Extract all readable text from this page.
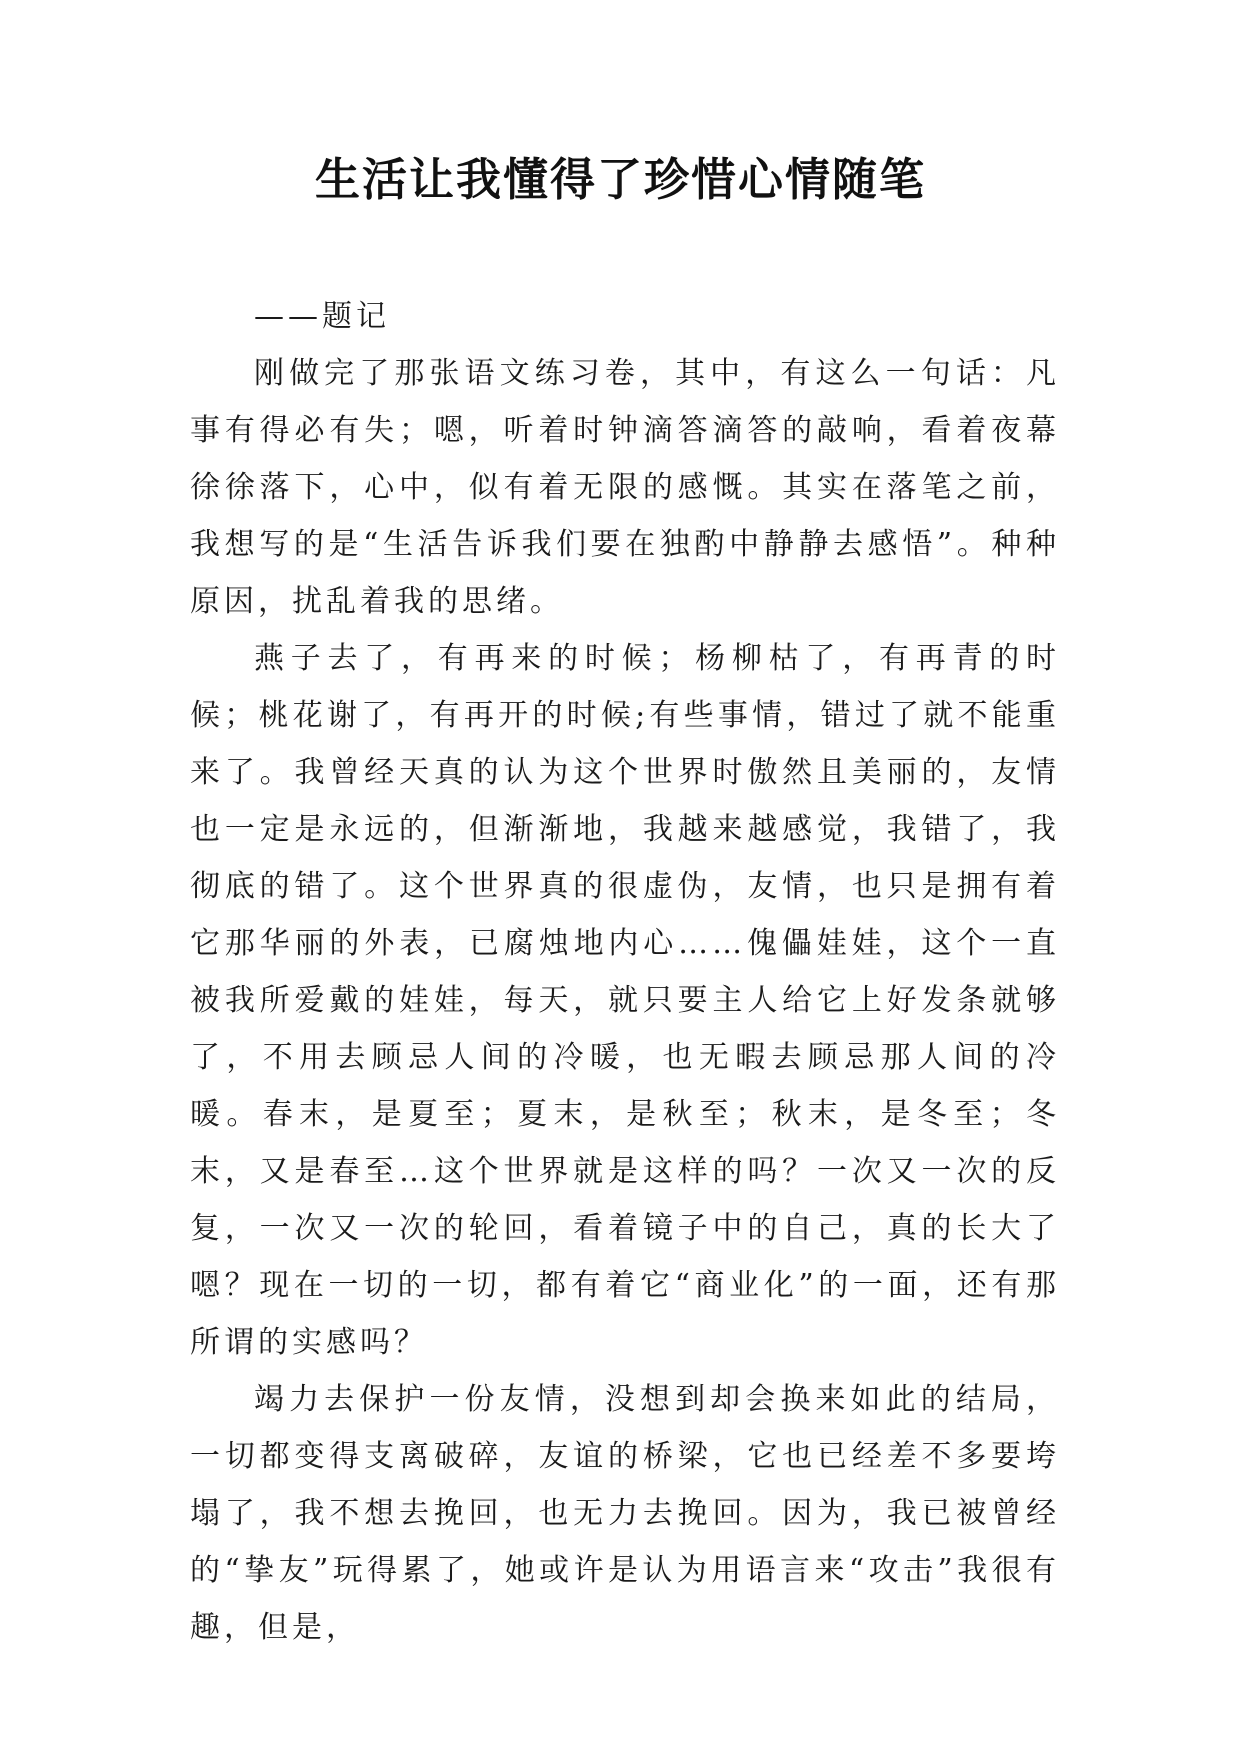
生活让我懂得了珍惜心情随笔

——题记

刚做完了那张语文练习卷，其中，有这么一句话：凡事有得必有失；嗯，听着时钟滴答滴答的敲响，看着夜幕徐徐落下，心中，似有着无限的感慨。其实在落笔之前，我想写的是“生活告诉我们要在独酌中静静去感悟”。种种原因，扰乱着我的思绪。

燕子去了，有再来的时候；杨柳枯了，有再青的时候；桃花谢了，有再开的时候;有些事情，错过了就不能重来了。我曾经天真的认为这个世界时傲然且美丽的，友情也一定是永远的，但渐渐地，我越来越感觉，我错了，我彻底的错了。这个世界真的很虚伪，友情，也只是拥有着它那华丽的外表，已腐烛地内心……傀儡娃娃，这个一直被我所爱戴的娃娃，每天，就只要主人给它上好发条就够了，不用去顾忌人间的冷暖，也无暇去顾忌那人间的冷暖。春末，是夏至；夏末，是秋至；秋末，是冬至；冬末，又是春至…这个世界就是这样的吗？一次又一次的反复，一次又一次的轮回，看着镜子中的自己，真的长大了嗯？现在一切的一切，都有着它“商业化”的一面，还有那所谓的实感吗？

竭力去保护一份友情，没想到却会换来如此的结局，一切都变得支离破碎，友谊的桥梁，它也已经差不多要垮塌了，我不想去挽回，也无力去挽回。因为，我已被曾经的“挚友”玩得累了，她或许是认为用语言来“攻击”我很有趣，但是，
